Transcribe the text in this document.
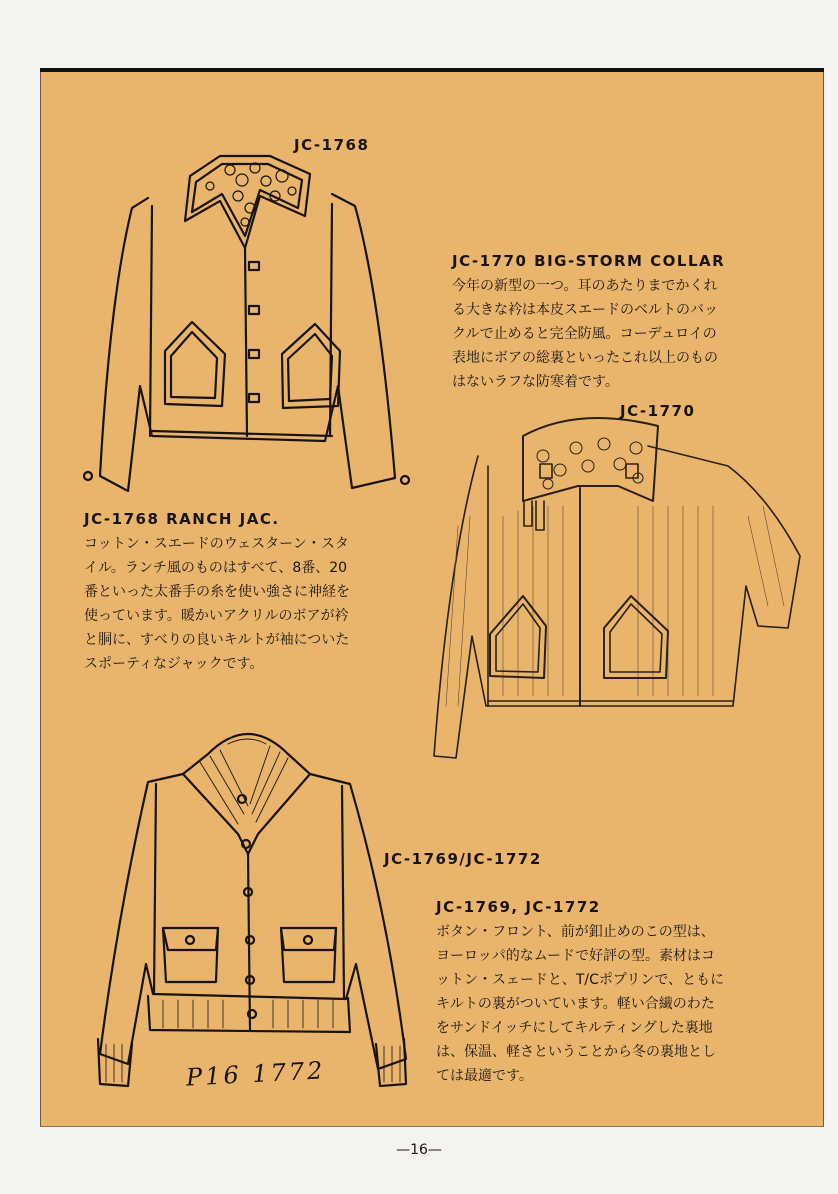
JC-1768
JC-1770 BIG-STORM COLLAR
今年の新型の一つ。耳のあたりまでかくれ
る大きな衿は本皮スエードのベルトのバッ
クルで止めると完全防風。コーデュロイの
表地にボアの総裏といったこれ以上のもの
はないラフな防寒着です。
JC-1770
JC-1768 RANCH JAC.
コットン・スエードのウェスターン・スタ
イル。ランチ風のものはすべて、8番、20
番といった太番手の糸を使い強さに神経を
使っています。暖かいアクリルのボアが衿
と胴に、すべりの良いキルトが袖についた
スポーティなジャックです。
JC-1769/JC-1772
JC-1769, JC-1772
ボタン・フロント、前が釦止めのこの型は、
ヨーロッパ的なムードで好評の型。素材はコ
ットン・スェードと、T/Cポプリンで、ともに
キルトの裏がついています。軽い合繊のわた
をサンドイッチにしてキルティングした裏地
は、保温、軽さということから冬の裏地とし
ては最適です。
P16 1772
—16—
